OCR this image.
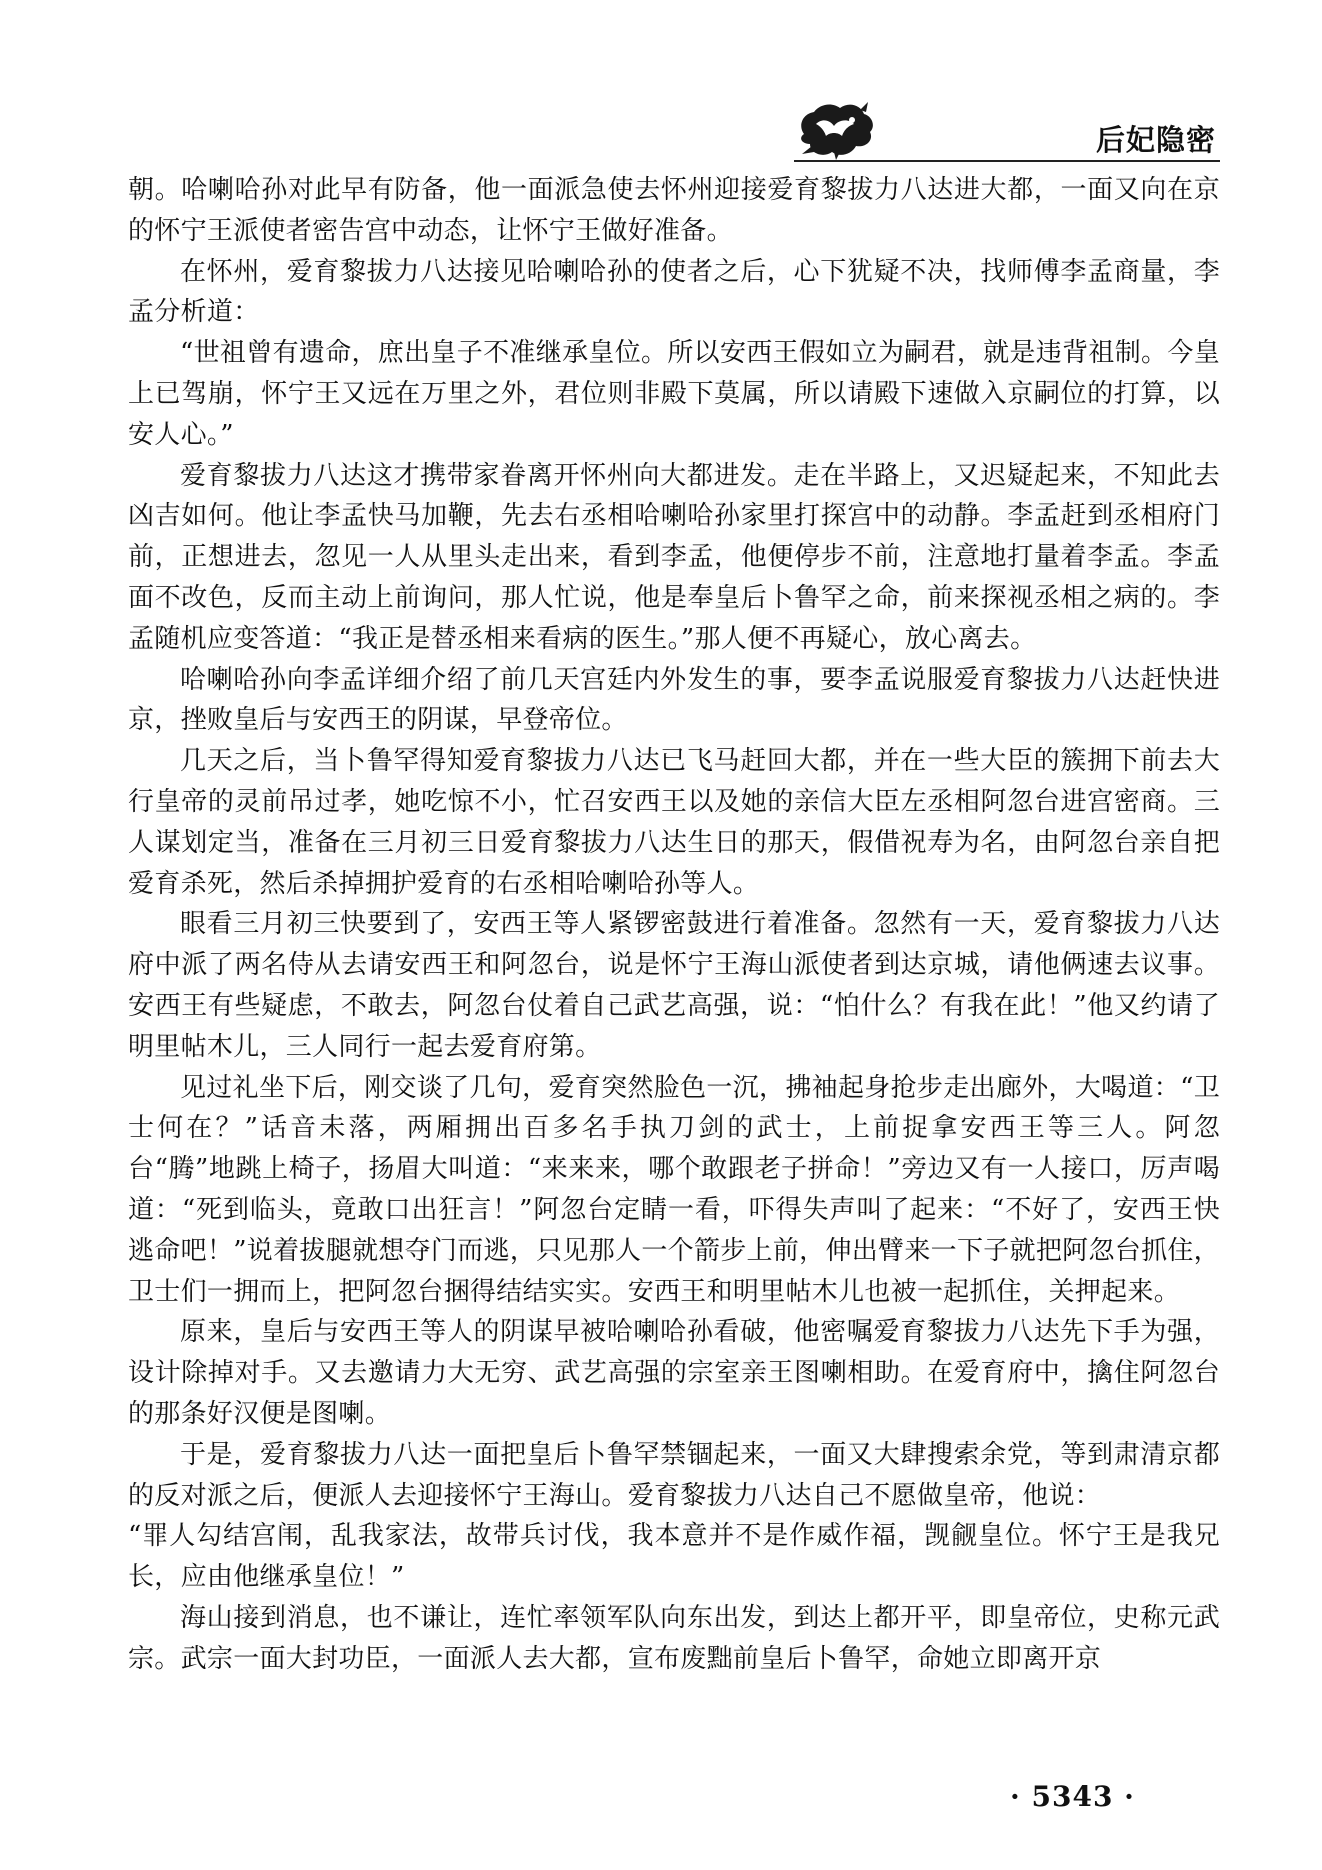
后妃隐密

朝。哈喇哈孙对此早有防备，他一面派急使去怀州迎接爱育黎拔力八达进大都，一面又向在京的怀宁王派使者密告宫中动态，让怀宁王做好准备。

在怀州，爱育黎拔力八达接见哈喇哈孙的使者之后，心下犹疑不决，找师傅李孟商量，李孟分析道：

“世祖曾有遗命，庶出皇子不准继承皇位。所以安西王假如立为嗣君，就是违背祖制。今皇上已驾崩，怀宁王又远在万里之外，君位则非殿下莫属，所以请殿下速做入京嗣位的打算，以安人心。”

爱育黎拔力八达这才携带家眷离开怀州向大都进发。走在半路上，又迟疑起来，不知此去凶吉如何。他让李孟快马加鞭，先去右丞相哈喇哈孙家里打探宫中的动静。李孟赶到丞相府门前，正想进去，忽见一人从里头走出来，看到李孟，他便停步不前，注意地打量着李孟。李孟面不改色，反而主动上前询问，那人忙说，他是奉皇后卜鲁罕之命，前来探视丞相之病的。李孟随机应变答道：“我正是替丞相来看病的医生。”那人便不再疑心，放心离去。

哈喇哈孙向李孟详细介绍了前几天宫廷内外发生的事，要李孟说服爱育黎拔力八达赶快进京，挫败皇后与安西王的阴谋，早登帝位。

几天之后，当卜鲁罕得知爱育黎拔力八达已飞马赶回大都，并在一些大臣的簇拥下前去大行皇帝的灵前吊过孝，她吃惊不小，忙召安西王以及她的亲信大臣左丞相阿忽台进宫密商。三人谋划定当，准备在三月初三日爱育黎拔力八达生日的那天，假借祝寿为名，由阿忽台亲自把爱育杀死，然后杀掉拥护爱育的右丞相哈喇哈孙等人。

眼看三月初三快要到了，安西王等人紧锣密鼓进行着准备。忽然有一天，爱育黎拔力八达府中派了两名侍从去请安西王和阿忽台，说是怀宁王海山派使者到达京城，请他俩速去议事。安西王有些疑虑，不敢去，阿忽台仗着自己武艺高强，说：“怕什么？有我在此！”他又约请了明里帖木儿，三人同行一起去爱育府第。

见过礼坐下后，刚交谈了几句，爱育突然脸色一沉，拂袖起身抢步走出廊外，大喝道：“卫士何在？”话音未落，两厢拥出百多名手执刀剑的武士，上前捉拿安西王等三人。阿忽台“腾”地跳上椅子，扬眉大叫道：“来来来，哪个敢跟老子拼命！”旁边又有一人接口，厉声喝道：“死到临头，竟敢口出狂言！”阿忽台定睛一看，吓得失声叫了起来：“不好了，安西王快逃命吧！”说着拔腿就想夺门而逃，只见那人一个箭步上前，伸出臂来一下子就把阿忽台抓住，卫士们一拥而上，把阿忽台捆得结结实实。安西王和明里帖木儿也被一起抓住，关押起来。

原来，皇后与安西王等人的阴谋早被哈喇哈孙看破，他密嘱爱育黎拔力八达先下手为强，设计除掉对手。又去邀请力大无穷、武艺高强的宗室亲王图喇相助。在爱育府中，擒住阿忽台的那条好汉便是图喇。

于是，爱育黎拔力八达一面把皇后卜鲁罕禁锢起来，一面又大肆搜索余党，等到肃清京都的反对派之后，便派人去迎接怀宁王海山。爱育黎拔力八达自己不愿做皇帝，他说：

“罪人勾结宫闱，乱我家法，故带兵讨伐，我本意并不是作威作福，觊觎皇位。怀宁王是我兄长，应由他继承皇位！”

海山接到消息，也不谦让，连忙率领军队向东出发，到达上都开平，即皇帝位，史称元武宗。武宗一面大封功臣，一面派人去大都，宣布废黜前皇后卜鲁罕，命她立即离开京

· 5343 ·
